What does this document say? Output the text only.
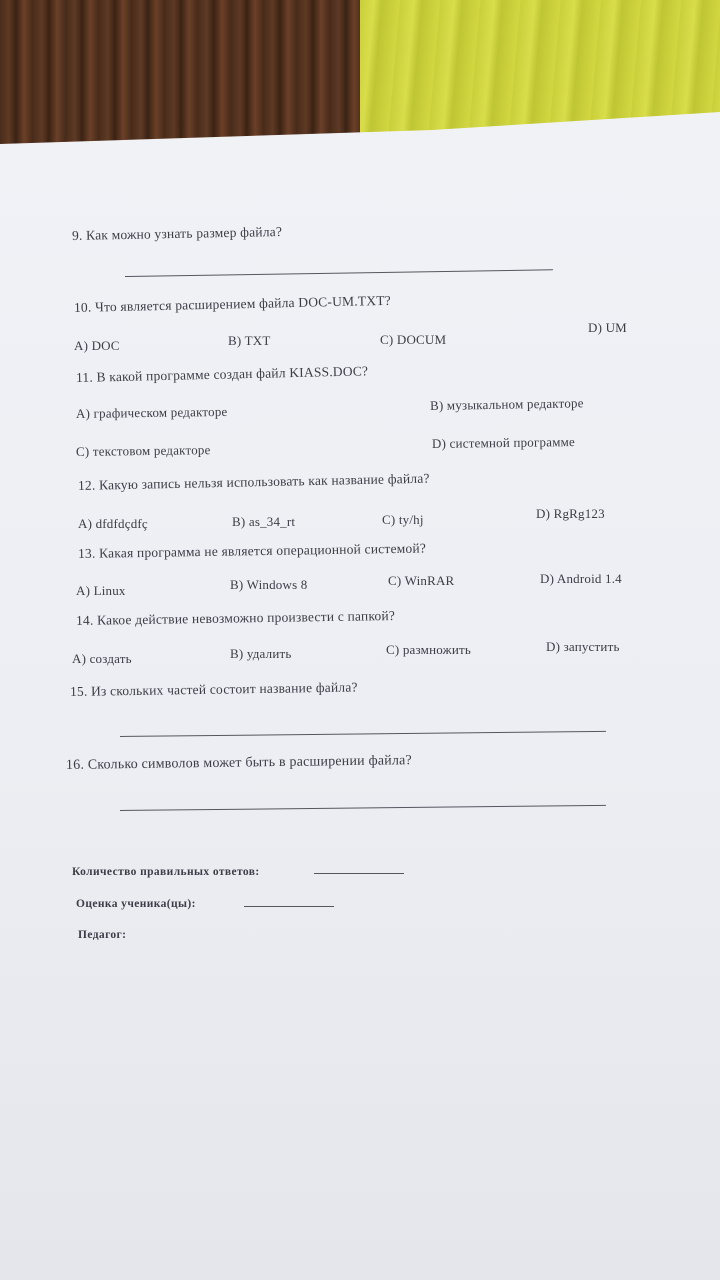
9. Как можно узнать размер файла?
10. Что является расширением файла DOC-UM.TXT?
A) DOC	B) TXT	C) DOCUM
D) UM
11. В какой программе создан файл KIASS.DOC?
A) графическом редакторе	B) музыкальном редакторе
C) текстовом редакторе	D) системной программе
12. Какую запись нельзя использовать как название файла?
A) dfdfdçdfç	B) as_34_rt	C) ty/hj	D) RgRg123
13. Какая программа не является операционной системой?
A) Linux	B) Windows 8	C) WinRAR	D) Android 1.4
14. Какое действие невозможно произвести с папкой?
A) создать	B) удалить	C) размножить	D) запустить
15. Из скольких частей состоит название файла?
16. Сколько символов может быть в расширении файла?
Количество правильных ответов:
Оценка ученика(цы):
Педагог:
